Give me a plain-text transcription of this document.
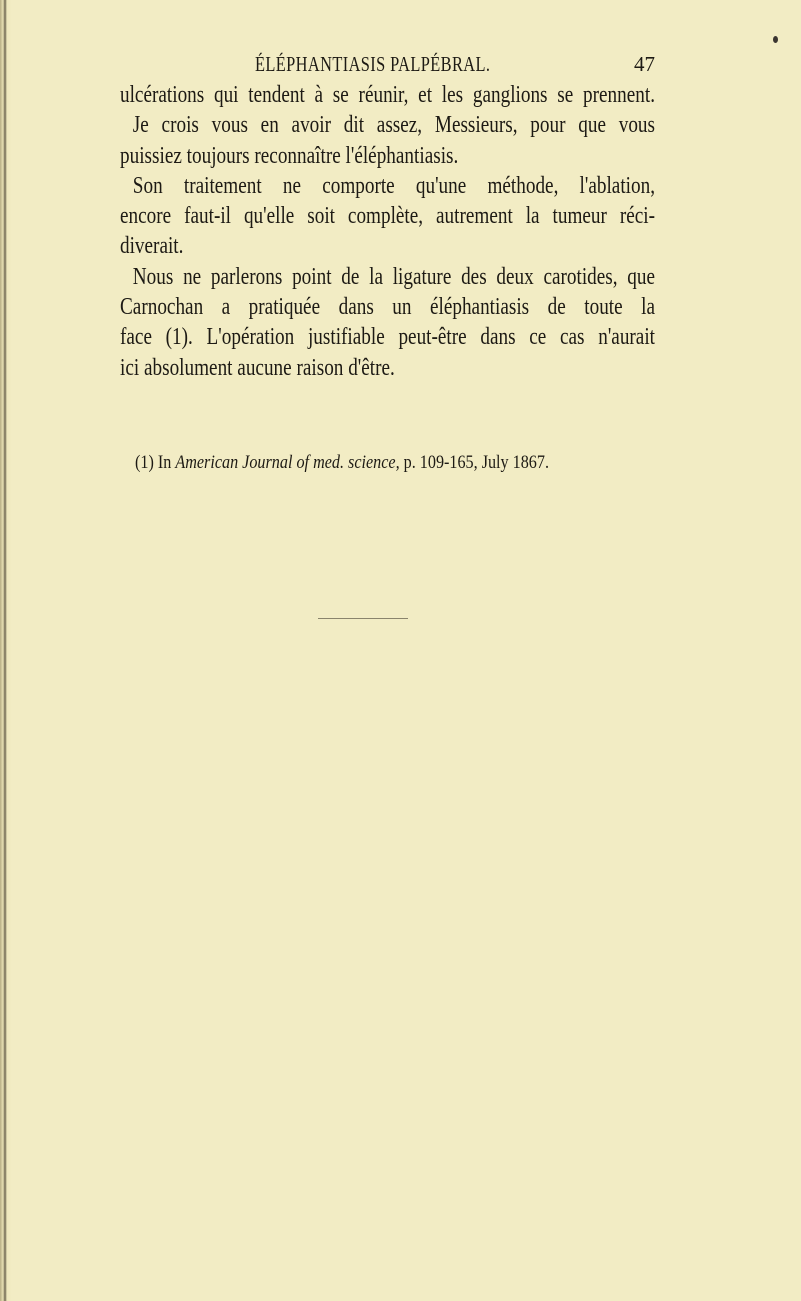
ÉLÉPHANTIASIS PALPÉBRAL.	47
ulcérations qui tendent à se réunir, et les ganglions se prennent.
Je crois vous en avoir dit assez, Messieurs, pour que vous
puissiez toujours reconnaître l'éléphantiasis.
Son traitement ne comporte qu'une méthode, l'ablation,
encore faut-il qu'elle soit complète, autrement la tumeur réci-
diverait.
Nous ne parlerons point de la ligature des deux carotides, que
Carnochan a pratiquée dans un éléphantiasis de toute la
face (1). L'opération justifiable peut-être dans ce cas n'aurait
ici absolument aucune raison d'être.
(1) In American Journal of med. science, p. 109-165, July 1867.
